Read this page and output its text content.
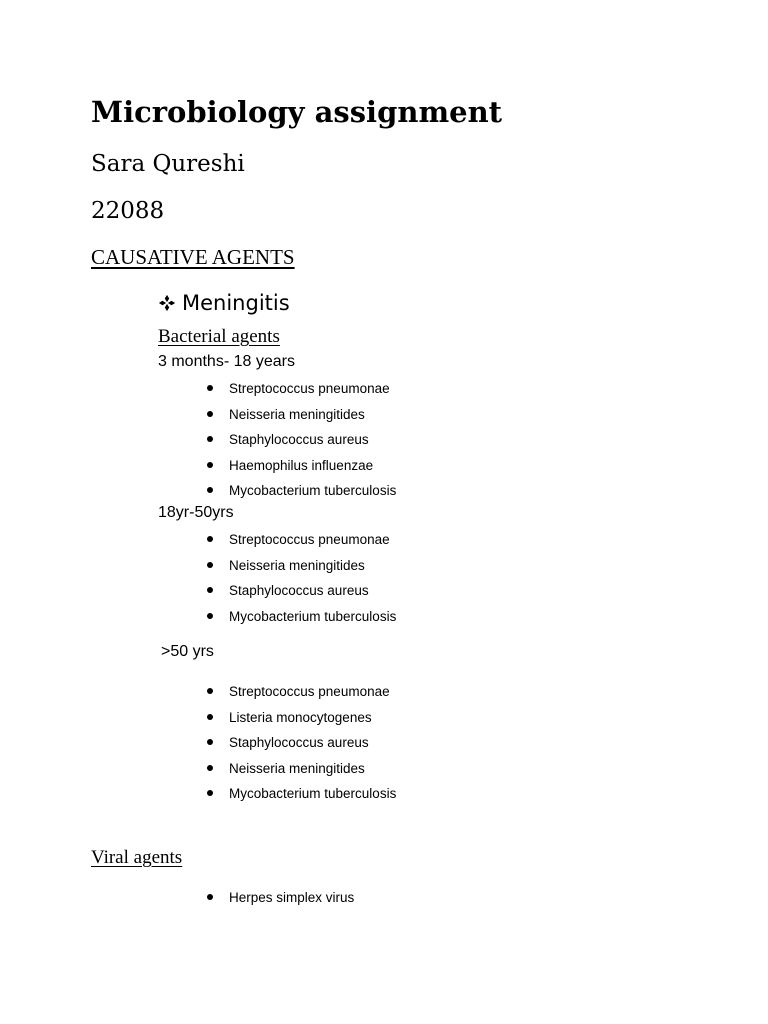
Microbiology assignment
Sara Qureshi
22088
CAUSATIVE AGENTS
Meningitis
Bacterial agents
3 months- 18 years
Streptococcus pneumonae
Neisseria meningitides
Staphylococcus aureus
Haemophilus influenzae
Mycobacterium tuberculosis
18yr-50yrs
Streptococcus pneumonae
Neisseria meningitides
Staphylococcus aureus
Mycobacterium tuberculosis
>50 yrs
Streptococcus pneumonae
Listeria monocytogenes
Staphylococcus aureus
Neisseria meningitides
Mycobacterium tuberculosis
Viral agents
Herpes simplex virus
